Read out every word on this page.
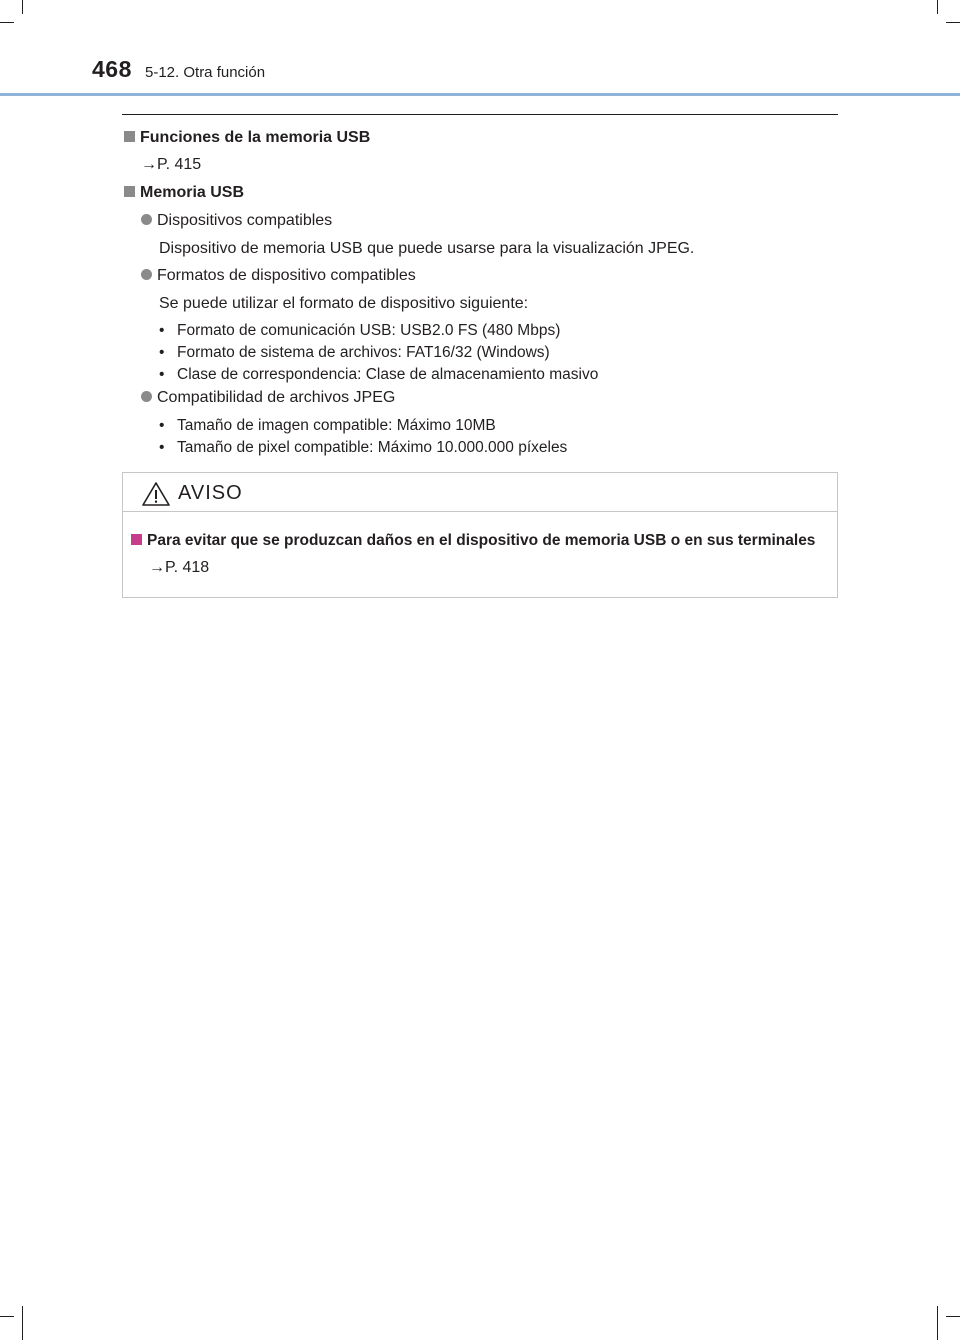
468 5-12. Otra función
Funciones de la memoria USB
→P. 415
Memoria USB
Dispositivos compatibles
Dispositivo de memoria USB que puede usarse para la visualización JPEG.
Formatos de dispositivo compatibles
Se puede utilizar el formato de dispositivo siguiente:
• Formato de comunicación USB: USB2.0 FS (480 Mbps)
• Formato de sistema de archivos: FAT16/32 (Windows)
• Clase de correspondencia: Clase de almacenamiento masivo
Compatibilidad de archivos JPEG
• Tamaño de imagen compatible: Máximo 10MB
• Tamaño de pixel compatible: Máximo 10.000.000 píxeles
AVISO
Para evitar que se produzcan daños en el dispositivo de memoria USB o en sus terminales
→P. 418
